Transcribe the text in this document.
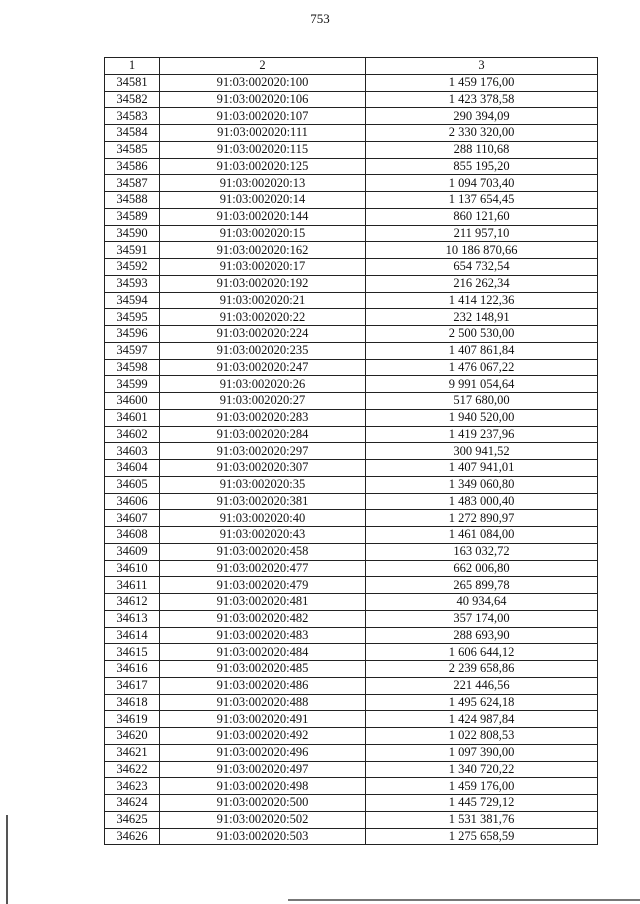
753
1	2	3
34581	91:03:002020:100	1 459 176,00
34582	91:03:002020:106	1 423 378,58
34583	91:03:002020:107	290 394,09
34584	91:03:002020:111	2 330 320,00
34585	91:03:002020:115	288 110,68
34586	91:03:002020:125	855 195,20
34587	91:03:002020:13	1 094 703,40
34588	91:03:002020:14	1 137 654,45
34589	91:03:002020:144	860 121,60
34590	91:03:002020:15	211 957,10
34591	91:03:002020:162	10 186 870,66
34592	91:03:002020:17	654 732,54
34593	91:03:002020:192	216 262,34
34594	91:03:002020:21	1 414 122,36
34595	91:03:002020:22	232 148,91
34596	91:03:002020:224	2 500 530,00
34597	91:03:002020:235	1 407 861,84
34598	91:03:002020:247	1 476 067,22
34599	91:03:002020:26	9 991 054,64
34600	91:03:002020:27	517 680,00
34601	91:03:002020:283	1 940 520,00
34602	91:03:002020:284	1 419 237,96
34603	91:03:002020:297	300 941,52
34604	91:03:002020:307	1 407 941,01
34605	91:03:002020:35	1 349 060,80
34606	91:03:002020:381	1 483 000,40
34607	91:03:002020:40	1 272 890,97
34608	91:03:002020:43	1 461 084,00
34609	91:03:002020:458	163 032,72
34610	91:03:002020:477	662 006,80
34611	91:03:002020:479	265 899,78
34612	91:03:002020:481	40 934,64
34613	91:03:002020:482	357 174,00
34614	91:03:002020:483	288 693,90
34615	91:03:002020:484	1 606 644,12
34616	91:03:002020:485	2 239 658,86
34617	91:03:002020:486	221 446,56
34618	91:03:002020:488	1 495 624,18
34619	91:03:002020:491	1 424 987,84
34620	91:03:002020:492	1 022 808,53
34621	91:03:002020:496	1 097 390,00
34622	91:03:002020:497	1 340 720,22
34623	91:03:002020:498	1 459 176,00
34624	91:03:002020:500	1 445 729,12
34625	91:03:002020:502	1 531 381,76
34626	91:03:002020:503	1 275 658,59
